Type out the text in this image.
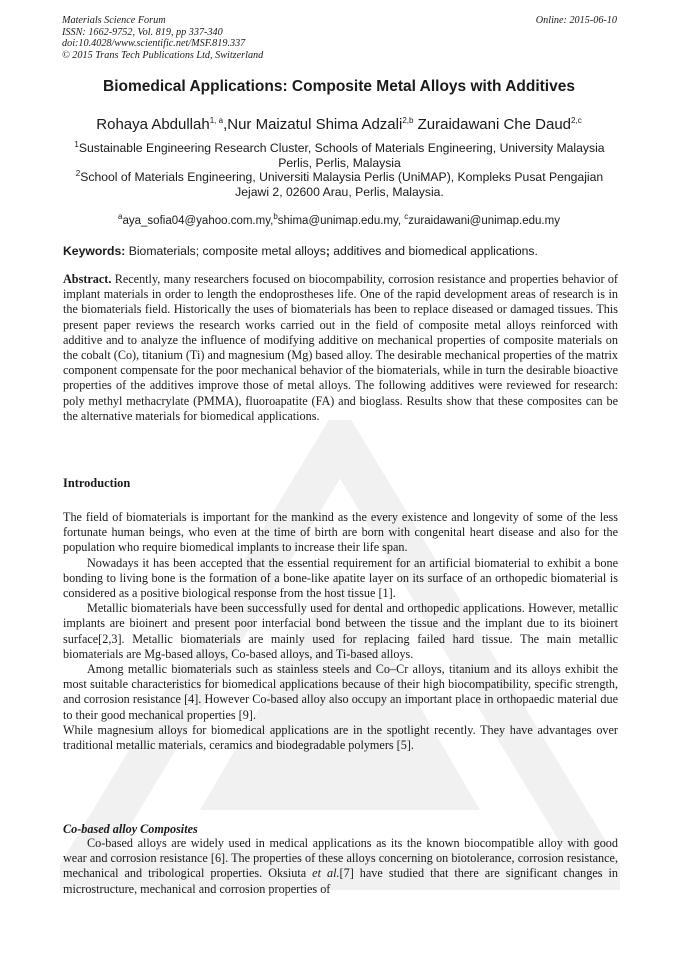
Materials Science Forum
ISSN: 1662-9752, Vol. 819, pp 337-340
doi:10.4028/www.scientific.net/MSF.819.337
© 2015 Trans Tech Publications Ltd, Switzerland
Online: 2015-06-10
Biomedical Applications: Composite Metal Alloys with Additives
Rohaya Abdullah$^{1, a}$,Nur Maizatul Shima Adzali$^{2,b}$ Zuraidawani Che Daud$^{2,c}$
$^1$Sustainable Engineering Research Cluster, Schools of Materials Engineering, University Malaysia Perlis, Perlis, Malaysia
$^2$School of Materials Engineering, Universiti Malaysia Perlis (UniMAP), Kompleks Pusat Pengajian Jejawi 2, 02600 Arau, Perlis, Malaysia.
$^a$aya_sofia04@yahoo.com.my,$^b$shima@unimap.edu.my, $^c$zuraidawani@unimap.edu.my
Keywords: Biomaterials; composite metal alloys; additives and biomedical applications.
Abstract. Recently, many researchers focused on biocompability, corrosion resistance and properties behavior of implant materials in order to length the endoprostheses life. One of the rapid development areas of research is in the biomaterials field. Historically the uses of biomaterials has been to replace diseased or damaged tissues. This present paper reviews the research works carried out in the field of composite metal alloys reinforced with additive and to analyze the influence of modifying additive on mechanical properties of composite materials on the cobalt (Co), titanium (Ti) and magnesium (Mg) based alloy. The desirable mechanical properties of the matrix component compensate for the poor mechanical behavior of the biomaterials, while in turn the desirable bioactive properties of the additives improve those of metal alloys. The following additives were reviewed for research: poly methyl methacrylate (PMMA), fluoroapatite (FA) and bioglass. Results show that these composites can be the alternative materials for biomedical applications.
Introduction

The field of biomaterials is important for the mankind as the every existence and longevity of some of the less fortunate human beings, who even at the time of birth are born with congenital heart disease and also for the population who require biomedical implants to increase their life span.

Nowadays it has been accepted that the essential requirement for an artificial biomaterial to exhibit a bone bonding to living bone is the formation of a bone-like apatite layer on its surface of an orthopedic biomaterial is considered as a positive biological response from the host tissue [1].

Metallic biomaterials have been successfully used for dental and orthopedic applications. However, metallic implants are bioinert and present poor interfacial bond between the tissue and the implant due to its bioinert surface[2,3]. Metallic biomaterials are mainly used for replacing failed hard tissue. The main metallic biomaterials are Mg-based alloys, Co-based alloys, and Ti-based alloys.

Among metallic biomaterials such as stainless steels and Co–Cr alloys, titanium and its alloys exhibit the most suitable characteristics for biomedical applications because of their high biocompatibility, specific strength, and corrosion resistance [4]. However Co-based alloy also occupy an important place in orthopaedic material due to their good mechanical properties [9].

While magnesium alloys for biomedical applications are in the spotlight recently. They have advantages over traditional metallic materials, ceramics and biodegradable polymers [5].

Co-based alloy Composites

Co-based alloys are widely used in medical applications as its the known biocompatible alloy with good wear and corrosion resistance [6]. The properties of these alloys concerning on biotolerance, corrosion resistance, mechanical and tribological properties. Oksiuta et al.[7] have studied that there are significant changes in microstructure, mechanical and corrosion properties of
